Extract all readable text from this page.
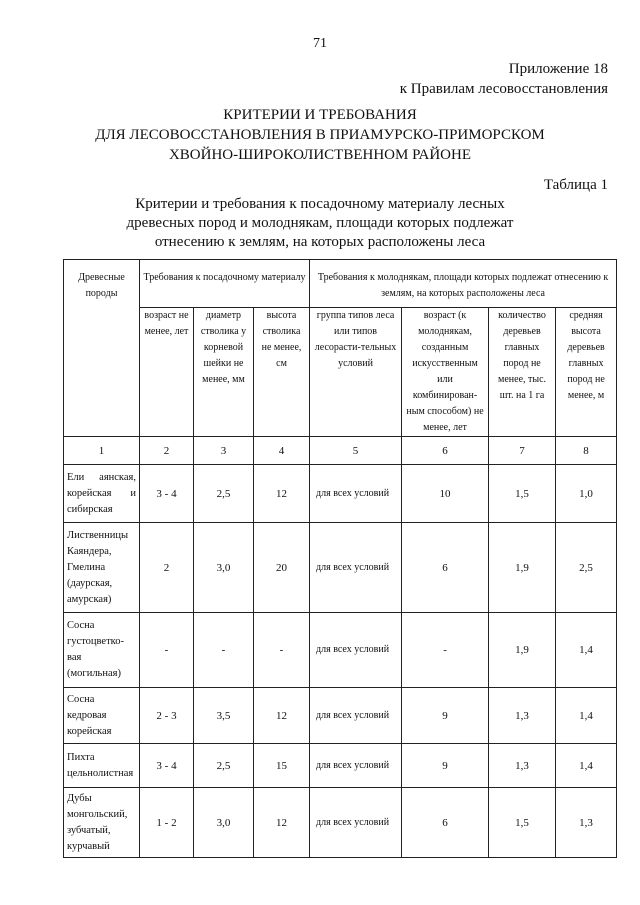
71
Приложение 18
к Правилам лесовосстановления
КРИТЕРИИ И ТРЕБОВАНИЯ
ДЛЯ ЛЕСОВОССТАНОВЛЕНИЯ В ПРИАМУРСКО-ПРИМОРСКОМ
ХВОЙНО-ШИРОКОЛИСТВЕННОМ РАЙОНЕ
Таблица 1
Критерии и требования к посадочному материалу лесных
древесных пород и молоднякам, площади которых подлежат
отнесению к землям, на которых расположены леса
Древесные породы	Требования к посадочному материалу			Требования к молоднякам, площади которых подлежат отнесению к землям, на которых расположены леса			
	возраст не менее, лет	диаметр стволика у корневой шейки не менее, мм	высота стволика не менее, см	группа типов леса или типов лесорасти-тельных условий	возраст (к молоднякам, созданным искусственным или комбинирован-ным способом) не менее, лет	количество деревьев главных пород не менее, тыс. шт. на 1 га	средняя высота деревьев главных пород не менее, м
1	2	3	4	5	6	7	8

Ели аянская,
корейская и
сибирская	3 - 4	2,5	12	для всех условий	10	1,5	1,0

Лиственницы
Каяндера,
Гмелина
(даурская,
амурская)	2	3,0	20	для всех условий	6	1,9	2,5

Сосна
густоцветко-
вая
(могильная)	-	-	-	для всех условий	-	1,9	1,4

Сосна
кедровая
корейская	2 - 3	3,5	12	для всех условий	9	1,3	1,4

Пихта
цельнолистная	3 - 4	2,5	15	для всех условий	9	1,3	1,4

Дубы
монгольский,
зубчатый,
курчавый	1 - 2	3,0	12	для всех условий	6	1,5	1,3
